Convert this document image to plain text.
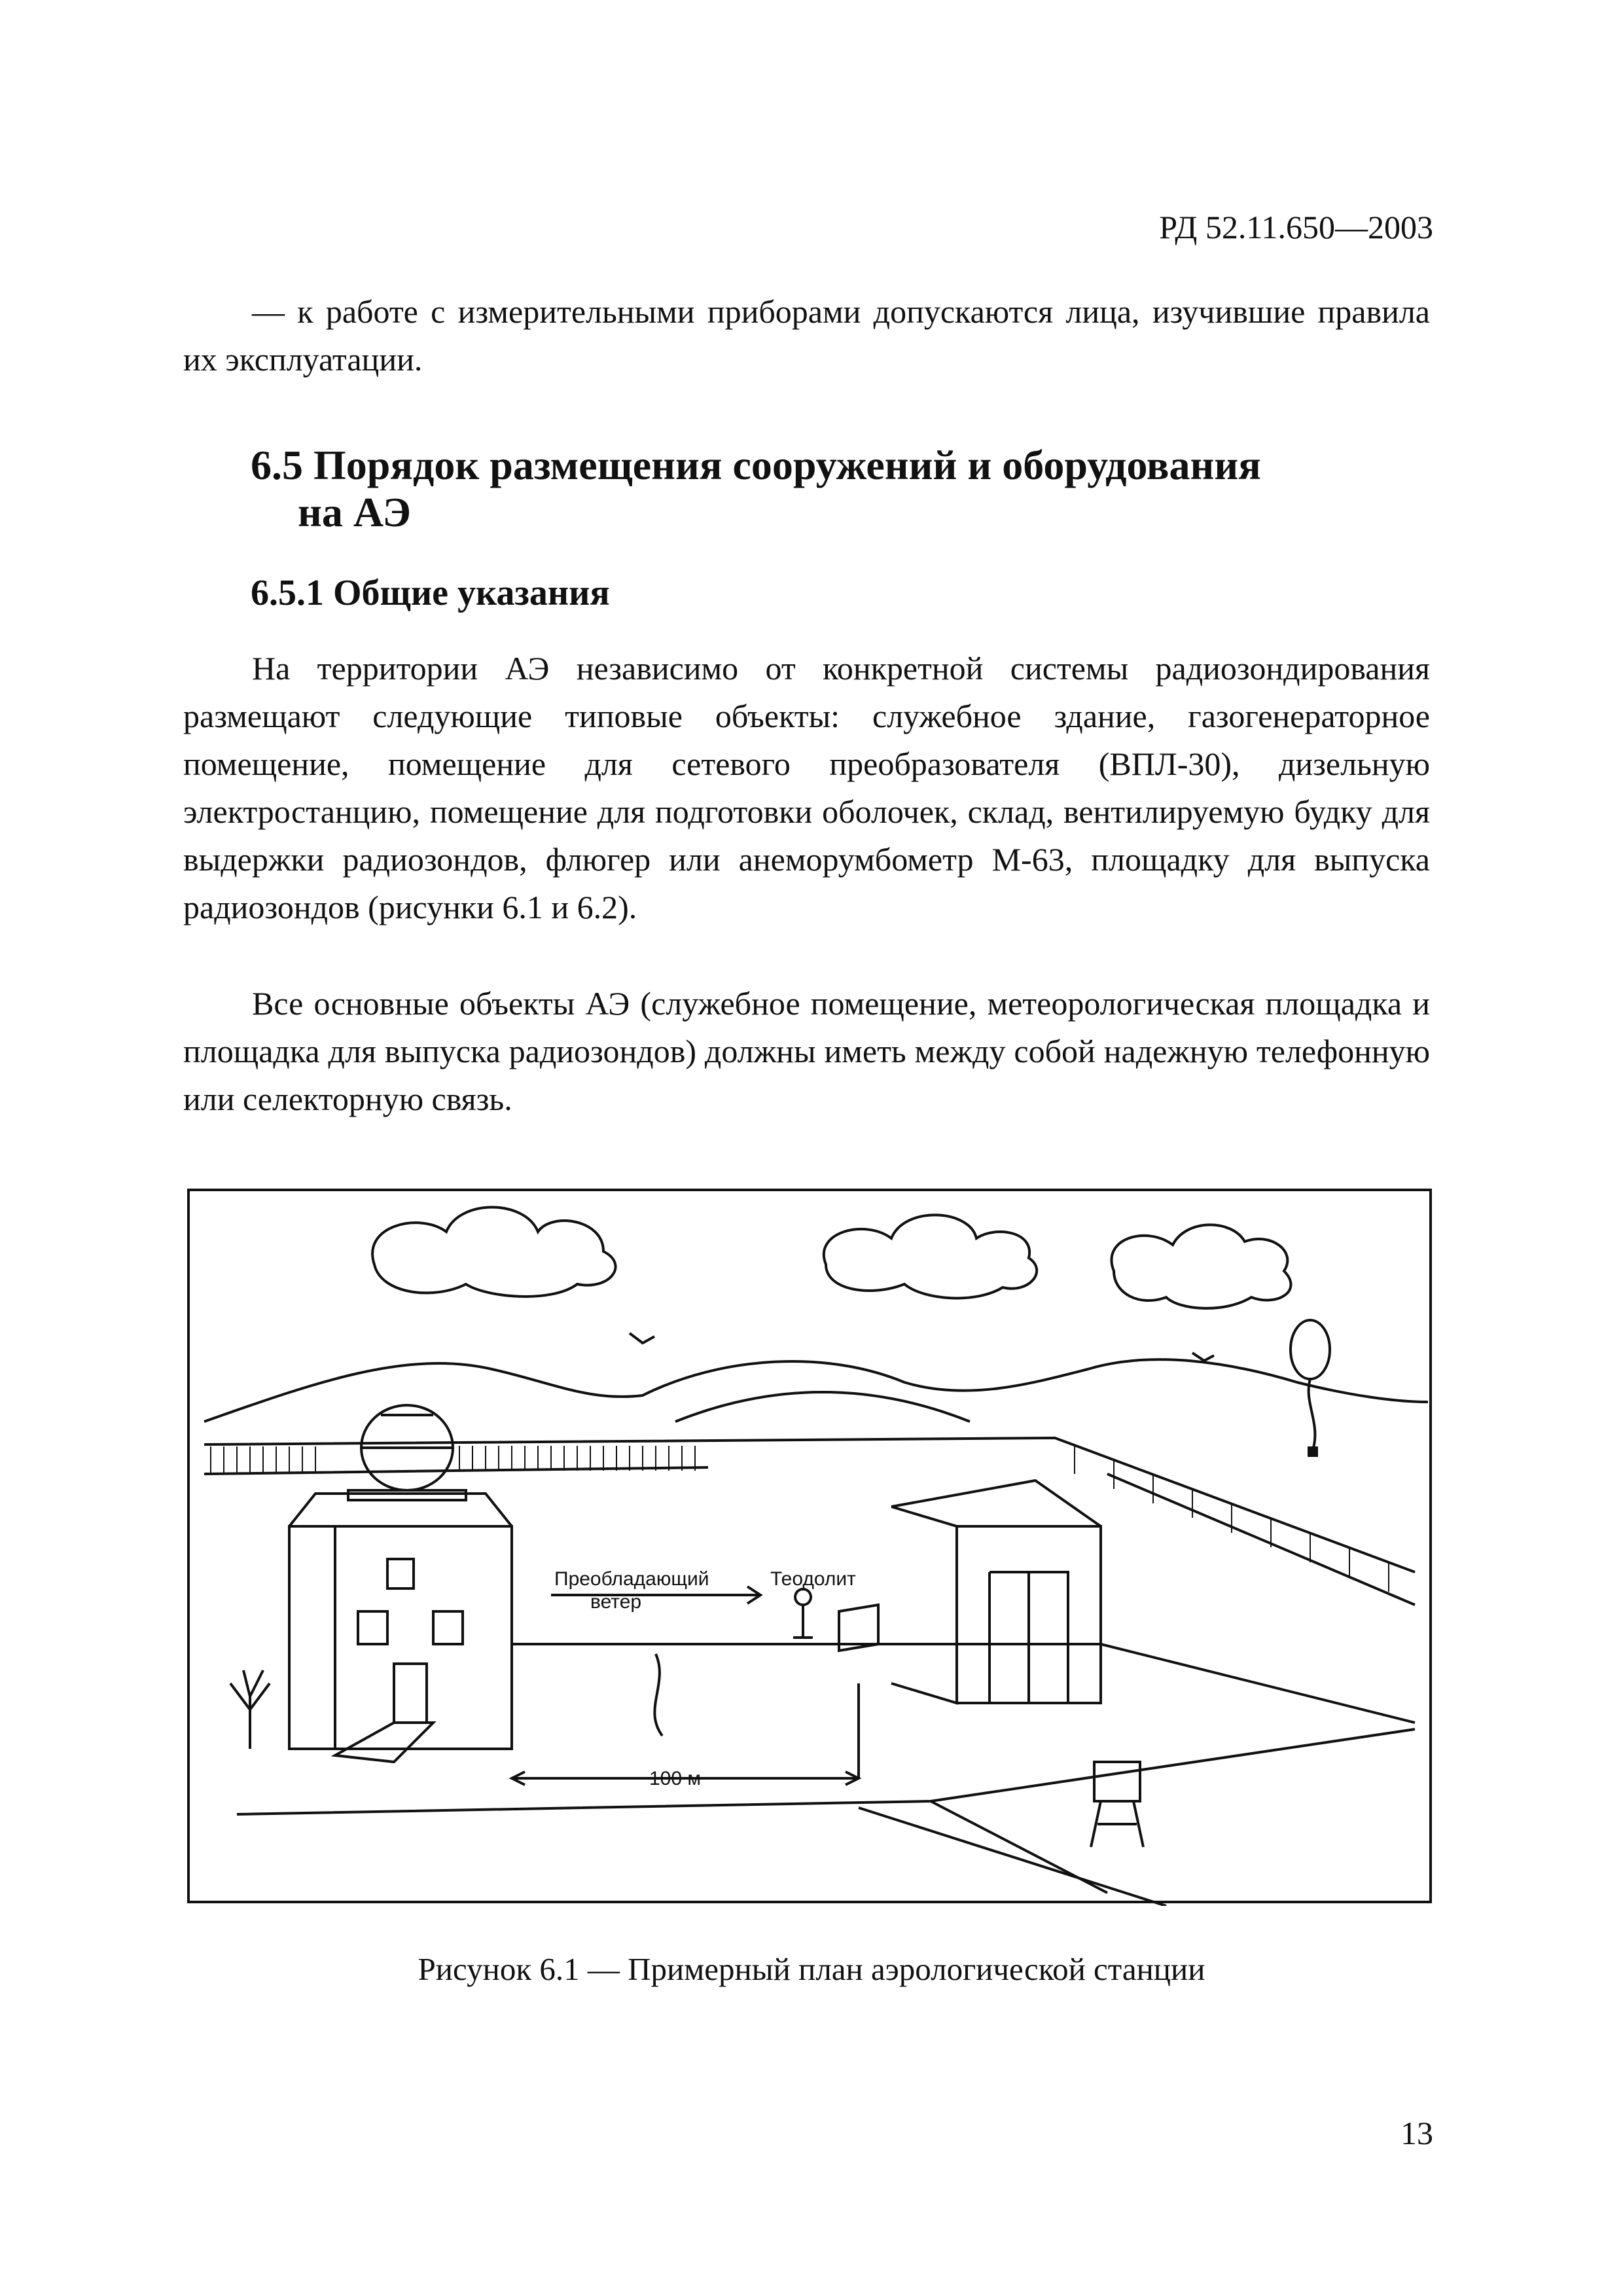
РД 52.11.650—2003

— к работе с измерительными приборами допускаются лица, изучившие правила их эксплуатации.

6.5 Порядок размещения сооружений и оборудования
на АЭ
6.5.1 Общие указания

На территории АЭ независимо от конкретной системы радиозондирования размещают следующие типовые объекты: служебное здание, газогенераторное помещение, помещение для сетевого преобразователя (ВПЛ-30), дизельную электростанцию, помещение для подготовки оболочек, склад, вентилируемую будку для выдержки радиозондов, флюгер или анеморумбометр М-63, площадку для выпуска радиозондов (рисунки 6.1 и 6.2).

Все основные объекты АЭ (служебное помещение, метеорологическая площадка и площадка для выпуска радиозондов) должны иметь между собой надежную телефонную или селекторную связь.

Преобладающий
ветер
Теодолит
100 м
Рисунок 6.1 — Примерный план аэрологической станции
13
